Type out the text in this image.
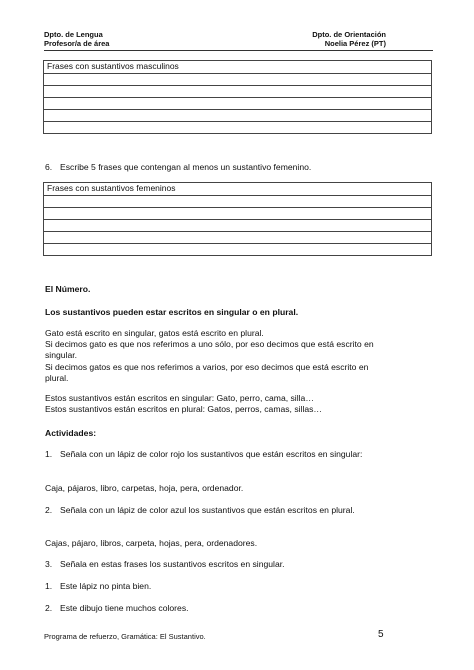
Dpto. de Lengua
Profesor/a de área
Dpto. de Orientación
Noelia Pérez (PT)
Frases con sustantivos masculinos
6. Escribe 5 frases que contengan al menos un sustantivo femenino.
Frases con sustantivos femeninos
El Número.
Los sustantivos pueden estar escritos en singular o en plural.
Gato está escrito en singular, gatos está escrito en plural.
Si decimos gato es que nos referimos a uno sólo, por eso decimos que está escrito en
singular.
Si decimos gatos es que nos referimos a varios, por eso decimos que está escrito en
plural.
Estos sustantivos están escritos en singular: Gato, perro, cama, silla…
Estos sustantivos están escritos en plural: Gatos, perros, camas, sillas…
Actividades:
1. Señala con un lápiz de color rojo los sustantivos que están escritos en singular:
Caja, pájaros, libro, carpetas, hoja, pera, ordenador.
2. Señala con un lápiz de color azul los sustantivos que están escritos en plural.
Cajas, pájaro, libros, carpeta, hojas, pera, ordenadores.
3. Señala en estas frases los sustantivos escritos en singular.
1. Este lápiz no pinta bien.
2. Este dibujo tiene muchos colores.
Programa de refuerzo, Gramática: El Sustantivo.	5
